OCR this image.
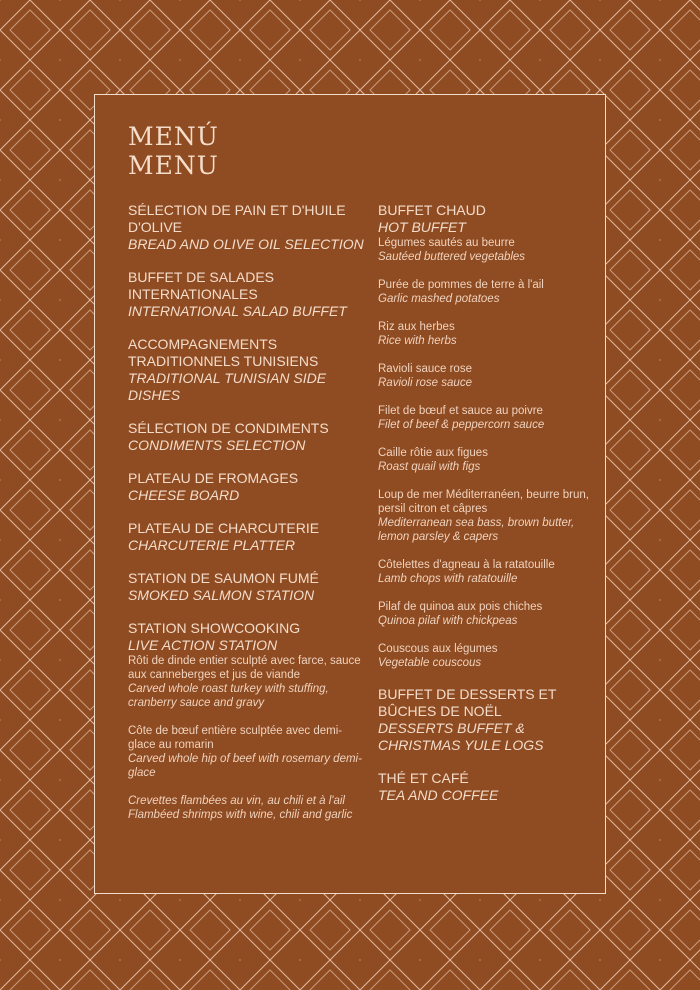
MENÚ
MENU
SÉLECTION DE PAIN ET D'HUILE D'OLIVE
BREAD AND OLIVE OIL SELECTION
BUFFET DE SALADES INTERNATIONALES
INTERNATIONAL SALAD BUFFET
ACCOMPAGNEMENTS TRADITIONNELS TUNISIENS
TRADITIONAL TUNISIAN SIDE DISHES
SÉLECTION DE CONDIMENTS
CONDIMENTS SELECTION
PLATEAU DE FROMAGES
CHEESE BOARD
PLATEAU DE CHARCUTERIE
CHARCUTERIE PLATTER
STATION DE SAUMON FUMÉ
SMOKED SALMON STATION
STATION SHOWCOOKING
LIVE ACTION STATION
Rôti de dinde entier sculpté avec farce, sauce aux canneberges et jus de viande
Carved whole roast turkey with stuffing, cranberry sauce and gravy
Côte de bœuf entière sculptée avec demi-glace au romarin
Carved whole hip of beef with rosemary demi-glace
Crevettes flambées au vin, au chili et à l'ail
Flambéed shrimps with wine, chili and garlic
BUFFET CHAUD
HOT BUFFET
Légumes sautés au beurre
Sautéed buttered vegetables
Purée de pommes de terre à l'ail
Garlic mashed potatoes
Riz aux herbes
Rice with herbs
Ravioli sauce rose
Ravioli rose sauce
Filet de bœuf et sauce au poivre
Filet of beef & peppercorn sauce
Caille rôtie aux figues
Roast quail with figs
Loup de mer Méditerranéen, beurre brun, persil citron et câpres
Mediterranean sea bass, brown butter, lemon parsley & capers
Côtelettes d'agneau à la ratatouille
Lamb chops with ratatouille
Pilaf de quinoa aux pois chiches
Quinoa pilaf with chickpeas
Couscous aux légumes
Vegetable couscous
BUFFET DE DESSERTS ET BÛCHES DE NOËL
DESSERTS BUFFET & CHRISTMAS YULE LOGS
THÉ ET CAFÉ
TEA AND COFFEE
